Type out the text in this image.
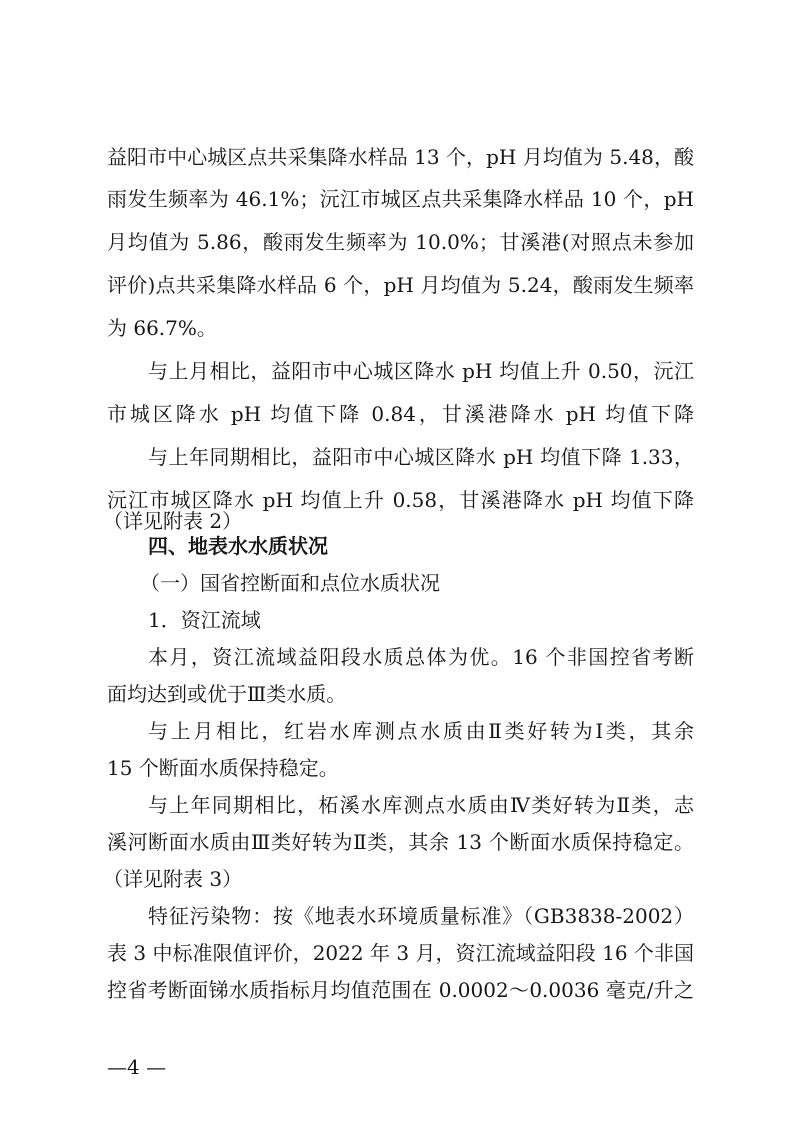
益阳市中心城区点共采集降水样品 13 个，pH 月均值为 5.48，酸
雨发生频率为 46.1%；沅江市城区点共采集降水样品 10 个，pH
月均值为 5.86，酸雨发生频率为 10.0%；甘溪港(对照点未参加
评价)点共采集降水样品 6 个，pH 月均值为 5.24，酸雨发生频率
为 66.7%。
与上月相比，益阳市中心城区降水 pH 均值上升 0.50，沅江
市城区降水 pH 均值下降 0.84，甘溪港降水 pH 均值下降
与上年同期相比，益阳市中心城区降水 pH 均值下降 1.33，
沅江市城区降水 pH 均值上升 0.58，甘溪港降水 pH 均值下降
（详见附表 2）
四、地表水水质状况
（一）国省控断面和点位水质状况
1．资江流域
本月，资江流域益阳段水质总体为优。16 个非国控省考断
面均达到或优于Ⅲ类水质。
与上月相比，红岩水库测点水质由Ⅱ类好转为Ⅰ类，其余
15 个断面水质保持稳定。
与上年同期相比，柘溪水库测点水质由Ⅳ类好转为Ⅱ类，志
溪河断面水质由Ⅲ类好转为Ⅱ类，其余 13 个断面水质保持稳定。
（详见附表 3）
特征污染物：按《地表水环境质量标准》（GB3838-2002）
表 3 中标准限值评价，2022 年 3 月，资江流域益阳段 16 个非国
控省考断面锑水质指标月均值范围在 0.0002～0.0036 毫克/升之
—4 —
